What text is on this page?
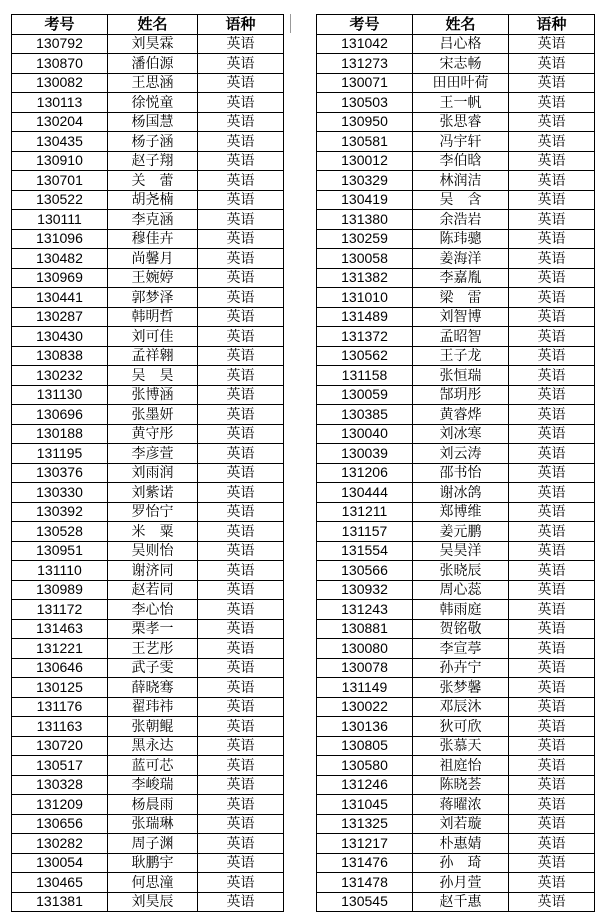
考号	姓名	语种
130792	刘昊霖	英语
130870	潘伯源	英语
130082	王思涵	英语
130113	徐悦童	英语
130204	杨国慧	英语
130435	杨子涵	英语
130910	赵子翔	英语
130701	关　蕾	英语
130522	胡尧楠	英语
130111	李克涵	英语
131096	穆佳卉	英语
130482	尚馨月	英语
130969	王婉婷	英语
130441	郭梦泽	英语
130287	韩明哲	英语
130430	刘可佳	英语
130838	孟祥翱	英语
130232	吴　昊	英语
131130	张博涵	英语
130696	张墨妍	英语
130188	黄守彤	英语
131195	李彦萱	英语
130376	刘雨润	英语
130330	刘紫诺	英语
130392	罗怡宁	英语
130528	米　粟	英语
130951	吴则怡	英语
131110	谢济同	英语
130989	赵若同	英语
131172	李心怡	英语
131463	栗孝一	英语
131221	王艺彤	英语
130646	武子雯	英语
130125	薛晓骞	英语
131176	翟玮祎	英语
131163	张朝鲲	英语
130720	黑永达	英语
130517	蓝可芯	英语
130328	李峻瑞	英语
131209	杨晨雨	英语
130656	张瑞琳	英语
130282	周子渊	英语
130054	耿鹏宇	英语
130465	何思潼	英语
131381	刘昊辰	英语
考号	姓名	语种
131042	吕心格	英语
131273	宋志畅	英语
130071	田田叶荷	英语
130503	王一帆	英语
130950	张思睿	英语
130581	冯宇轩	英语
130012	李伯晗	英语
130329	林润洁	英语
130419	吴　含	英语
131380	余浩岩	英语
130259	陈玮骢	英语
130058	姜海洋	英语
131382	李嘉胤	英语
131010	梁　雷	英语
131489	刘智博	英语
131372	孟昭智	英语
130562	王子龙	英语
131158	张恒瑞	英语
130059	郜玥彤	英语
130385	黄睿烨	英语
130040	刘冰寒	英语
130039	刘云涛	英语
131206	邵书怡	英语
130444	谢冰鸽	英语
131211	郑博维	英语
131157	姜元鹏	英语
131554	吴昊洋	英语
130566	张晓辰	英语
130932	周心蕊	英语
131243	韩雨庭	英语
130881	贺铭敬	英语
130080	李宣葶	英语
130078	孙卉宁	英语
131149	张梦馨	英语
130022	邓辰沐	英语
130136	狄可欣	英语
130805	张慕天	英语
130580	祖庭怡	英语
131246	陈晓荟	英语
131045	蒋曜浓	英语
131325	刘若璇	英语
131217	朴惠婧	英语
131476	孙　琦	英语
131478	孙月萱	英语
130545	赵千惠	英语
